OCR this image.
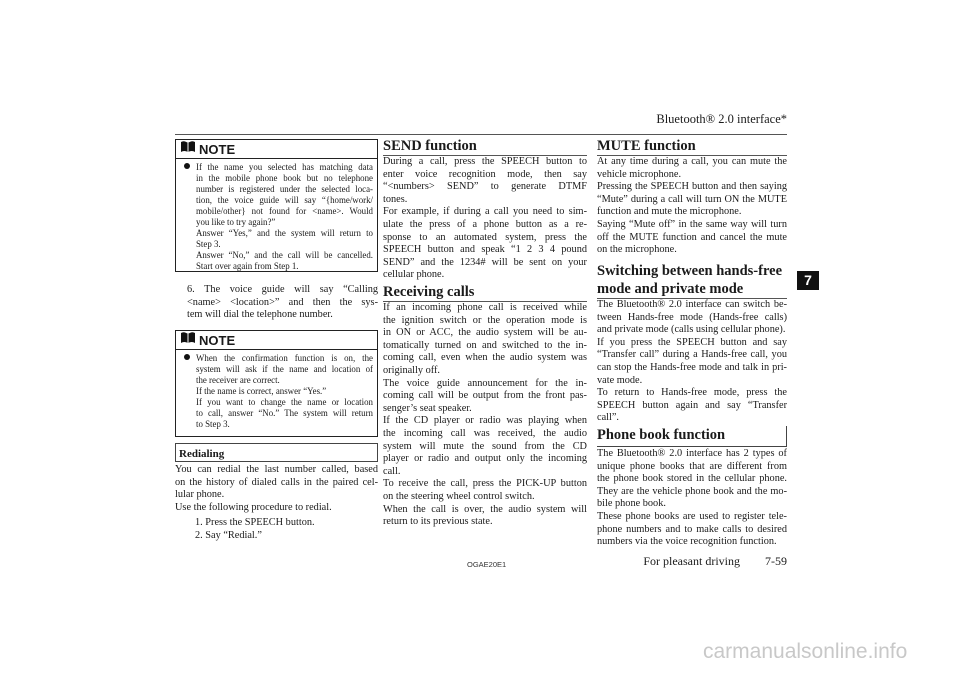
Bluetooth® 2.0 interface*
NOTE
If the name you selected has matching data
in the mobile phone book but no telephone
number is registered under the selected loca-
tion, the voice guide will say “{home/work/
mobile/other} not found for <name>. Would
you like to try again?”
Answer “Yes,” and the system will return to
Step 3.
Answer “No,” and the call will be cancelled.
Start over again from Step 1.
6. The voice guide will say “Calling
<name> <location>” and then the sys-
tem will dial the telephone number.
NOTE
When the confirmation function is on, the
system will ask if the name and location of
the receiver are correct.
If the name is correct, answer “Yes.”
If you want to change the name or location
to call, answer “No.” The system will return
to Step 3.
Redialing
You can redial the last number called, based
on the history of dialed calls in the paired cel-
lular phone.
Use the following procedure to redial.
1. Press the SPEECH button.
2. Say “Redial.”
SEND function
During a call, press the SPEECH button to
enter voice recognition mode, then say
“<numbers> SEND” to generate DTMF
tones.
For example, if during a call you need to sim-
ulate the press of a phone button as a re-
sponse to an automated system, press the
SPEECH button and speak “1 2 3 4 pound
SEND” and the 1234# will be sent on your
cellular phone.
Receiving calls
If an incoming phone call is received while
the ignition switch or the operation mode is
in ON or ACC, the audio system will be au-
tomatically turned on and switched to the in-
coming call, even when the audio system was
originally off.
The voice guide announcement for the in-
coming call will be output from the front pas-
senger’s seat speaker.
If the CD player or radio was playing when
the incoming call was received, the audio
system will mute the sound from the CD
player or radio and output only the incoming
call.
To receive the call, press the PICK-UP button
on the steering wheel control switch.
When the call is over, the audio system will
return to its previous state.
MUTE function
At any time during a call, you can mute the
vehicle microphone.
Pressing the SPEECH button and then saying
“Mute” during a call will turn ON the MUTE
function and mute the microphone.
Saying “Mute off” in the same way will turn
off the MUTE function and cancel the mute
on the microphone.
Switching between hands-free
mode and private mode
The Bluetooth® 2.0 interface can switch be-
tween Hands-free mode (Hands-free calls)
and private mode (calls using cellular phone).
If you press the SPEECH button and say
“Transfer call” during a Hands-free call, you
can stop the Hands-free mode and talk in pri-
vate mode.
To return to Hands-free mode, press the
SPEECH button again and say “Transfer
call”.
Phone book function
The Bluetooth® 2.0 interface has 2 types of
unique phone books that are different from
the phone book stored in the cellular phone.
They are the vehicle phone book and the mo-
bile phone book.
These phone books are used to register tele-
phone numbers and to make calls to desired
numbers via the voice recognition function.
For pleasant driving 7-59
OGAE20E1
7
carmanualsonline.info
